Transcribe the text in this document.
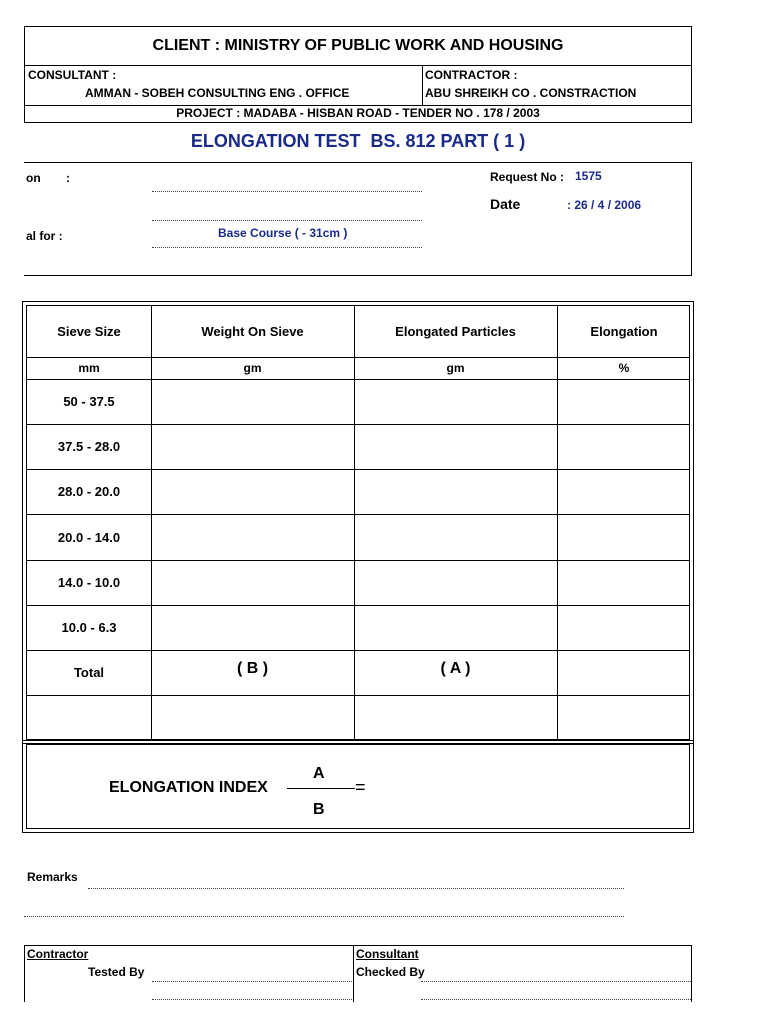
CLIENT : MINISTRY OF PUBLIC WORK AND HOUSING
CONSULTANT :
AMMAN - SOBEH CONSULTING ENG . OFFICE
CONTRACTOR :
ABU SHREIKH CO . CONSTRACTION
PROJECT : MADABA - HISBAN ROAD - TENDER NO . 178 / 2003
ELONGATION TEST  BS. 812 PART ( 1 )
on :
al for :	Base Course ( - 31cm )
Request No : 1575
Date	: 26 / 4 / 2006
Sieve Size	Weight On Sieve	Elongated Particles	Elongation
mm	gm	gm	%
50 - 37.5
37.5 - 28.0
28.0 - 20.0
20.0 - 14.0
14.0 - 10.0
10.0 - 6.3
Total	( B )	( A )
ELONGATION INDEX
A
=
B
Remarks
Contractor
Tested By
Consultant
Checked By
